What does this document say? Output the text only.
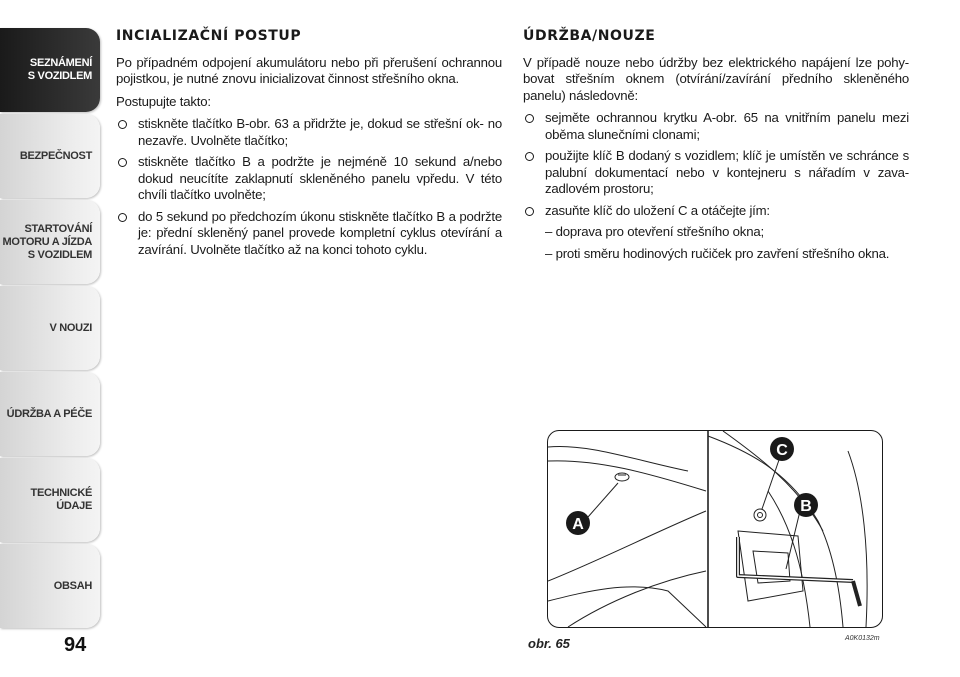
SEZNÁMENÍ
S VOZIDLEM
BEZPEČNOST
STARTOVÁNÍ
MOTORU A JÍZDA
S VOZIDLEM
V NOUZI
ÚDRŽBA A PÉČE
TECHNICKÉ
ÚDAJE
OBSAH
94
INCIALIZAČNÍ POSTUP

Po případném odpojení akumulátoru nebo při přerušení ochrannou pojistkou, je nutné znovu inicializovat činnost střešního okna.

Postupujte takto:

stiskněte tlačítko B-obr. 63 a přidržte je, dokud se střešní ok- no nezavře. Uvolněte tlačítko;
stiskněte tlačítko B a podržte je nejméně 10 sekund a/nebo dokud neucítíte zaklapnutí skleněného panelu vpředu. V této chvíli tlačítko uvolněte;
do 5 sekund po předchozím úkonu stiskněte tlačítko B a podržte je: přední skleněný panel provede kompletní cyklus otevírání a zavírání. Uvolněte tlačítko až na konci tohoto cyklu.
ÚDRŽBA/NOUZE

V případě nouze nebo údržby bez elektrického napájení lze pohy- bovat střešním oknem (otvírání/zavírání předního skleněného panelu) následovně:

sejměte ochrannou krytku A-obr. 65 na vnitřním panelu mezi oběma slunečními clonami;
použijte klíč B dodaný s vozidlem; klíč je umístěn ve schránce s palubní dokumentací nebo v kontejneru s nářadím v zava- zadlovém prostoru;
zasuňte klíč do uložení C a otáčejte jím:
– doprava pro otevření střešního okna;
– proti směru hodinových ručiček pro zavření střešního okna.
A
C
B
obr. 65	A0K0132m
